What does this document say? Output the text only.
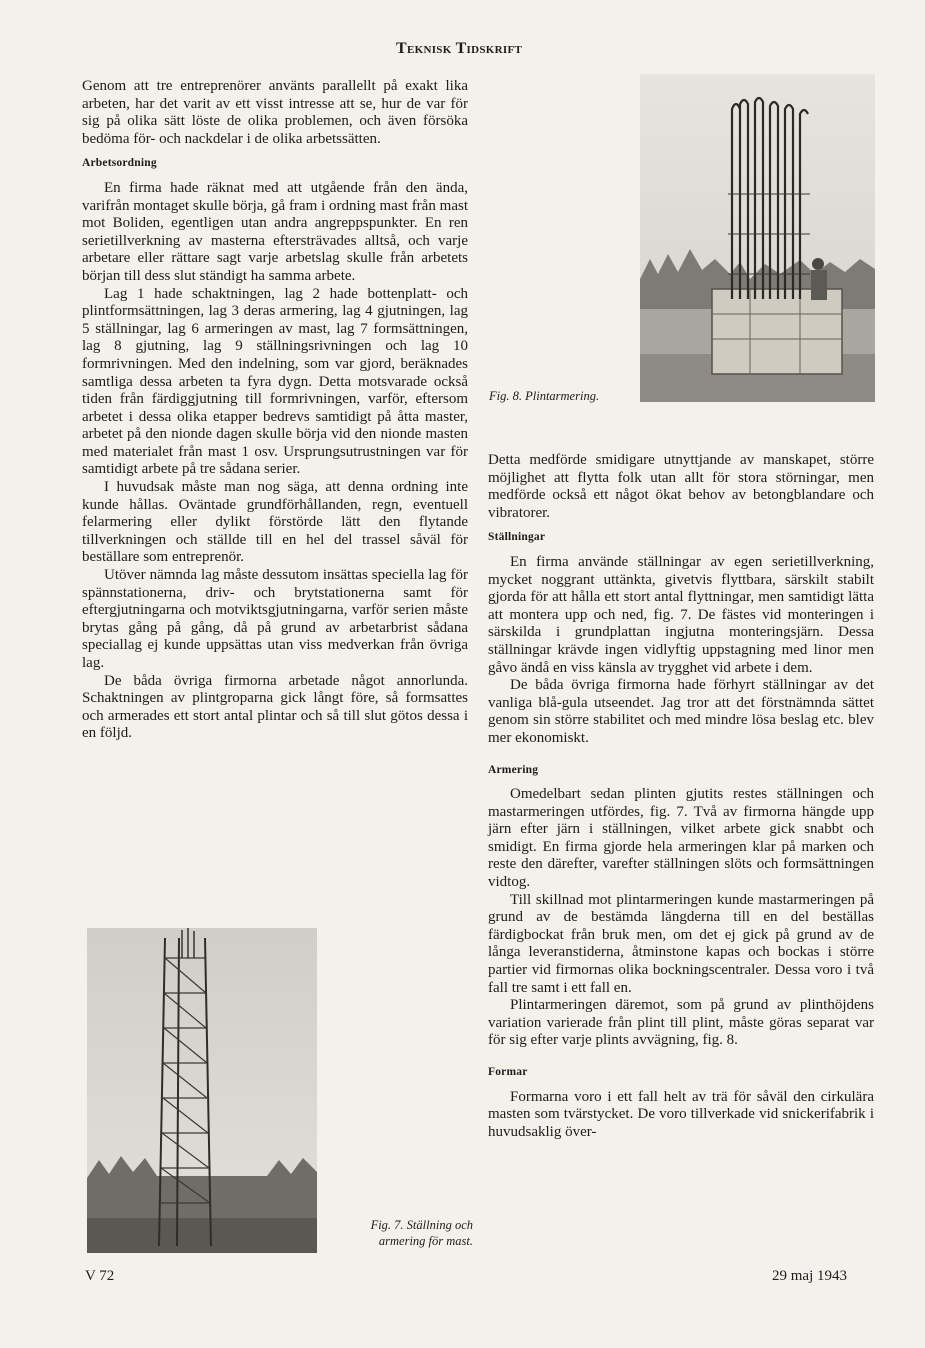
Teknisk Tidskrift
Fig. 8. Plintarmering.
Fig. 7. Ställning och armering för mast.

Genom att tre entreprenörer använts parallellt på exakt lika arbeten, har det varit av ett visst intresse att se, hur de var för sig på olika sätt löste de olika problemen, och även försöka bedöma för- och nackdelar i de olika arbetssätten.

Arbetsordning

En firma hade räknat med att utgående från den ända, varifrån montaget skulle börja, gå fram i ordning mast från mast mot Boliden, egentligen utan andra angreppspunkter. En ren serietillverkning av masterna eftersträvades alltså, och varje arbetare eller rättare sagt varje arbetslag skulle från arbetets början till dess slut ständigt ha samma arbete.

Lag 1 hade schaktningen, lag 2 hade bottenplatt- och plintformsättningen, lag 3 deras armering, lag 4 gjutningen, lag 5 ställningar, lag 6 armeringen av mast, lag 7 formsättningen, lag 8 gjutning, lag 9 ställningsrivningen och lag 10 formrivningen. Med den indelning, som var gjord, beräknades samtliga dessa arbeten ta fyra dygn. Detta motsvarade också tiden från färdiggjutning till formrivningen, varför, eftersom arbetet i dessa olika etapper bedrevs samtidigt på åtta master, arbetet på den nionde dagen skulle börja vid den nionde masten med materialet från mast 1 osv. Ursprungsutrustningen var för samtidigt arbete på tre sådana serier.

I huvudsak måste man nog säga, att denna ordning inte kunde hållas. Oväntade grundförhållanden, regn, eventuell felarmering eller dylikt förstörde lätt den flytande tillverkningen och ställde till en hel del trassel såväl för beställare som entreprenör.

Utöver nämnda lag måste dessutom insättas speciella lag för spännstationerna, driv- och brytstationerna samt för eftergjutningarna och motviktsgjutningarna, varför serien måste brytas gång på gång, då på grund av arbetarbrist sådana speciallag ej kunde uppsättas utan viss medverkan från övriga lag.

De båda övriga firmorna arbetade något annorlunda. Schaktningen av plintgroparna gick långt före, så formsattes och armerades ett stort antal plintar och så till slut götos dessa i en följd.

Detta medförde smidigare utnyttjande av manskapet, större möjlighet att flytta folk utan allt för stora störningar, men medförde också ett något ökat behov av betongblandare och vibratorer.

Ställningar

En firma använde ställningar av egen serietillverkning, mycket noggrant uttänkta, givetvis flyttbara, särskilt stabilt gjorda för att hålla ett stort antal flyttningar, men samtidigt lätta att montera upp och ned, fig. 7. De fästes vid monteringen i särskilda i grundplattan ingjutna monteringsjärn. Dessa ställningar krävde ingen vidlyftig uppstagning med linor men gåvo ändå en viss känsla av trygghet vid arbete i dem.

De båda övriga firmorna hade förhyrt ställningar av det vanliga blå-gula utseendet. Jag tror att det förstnämnda sättet genom sin större stabilitet och med mindre lösa beslag etc. blev mer ekonomiskt.

Armering

Omedelbart sedan plinten gjutits restes ställningen och mastarmeringen utfördes, fig. 7. Två av firmorna hängde upp järn efter järn i ställningen, vilket arbete gick snabbt och smidigt. En firma gjorde hela armeringen klar på marken och reste den därefter, varefter ställningen slöts och formsättningen vidtog.

Till skillnad mot plintarmeringen kunde mastarmeringen på grund av de bestämda längderna till en del beställas färdigbockat från bruk men, om det ej gick på grund av de långa leveranstiderna, åtminstone kapas och bockas i större partier vid firmornas olika bockningscentraler. Dessa voro i två fall tre samt i ett fall en.

Plintarmeringen däremot, som på grund av plinthöjdens variation varierade från plint till plint, måste göras separat var för sig efter varje plints avvägning, fig. 8.

Formar

Formarna voro i ett fall helt av trä för såväl den cirkulära masten som tvärstycket. De voro tillverkade vid snickerifabrik i huvudsaklig över-

V 72	29 maj 1943
